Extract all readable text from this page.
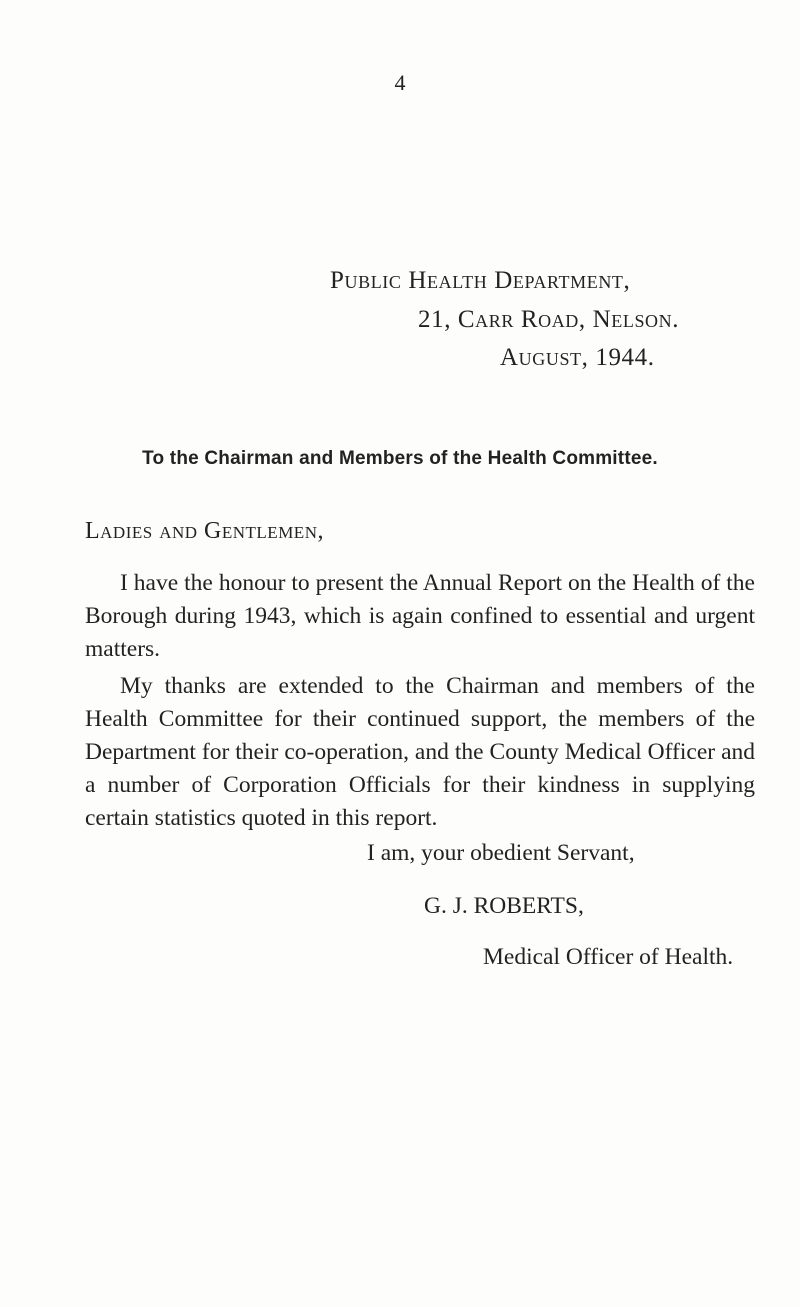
4
Public Health Department,
21, Carr Road, Nelson.
August, 1944.
To the Chairman and Members of the Health Committee.
Ladies and Gentlemen,
I have the honour to present the Annual Report on the Health of the Borough during 1943, which is again confined to essential and urgent matters.
My thanks are extended to the Chairman and members of the Health Committee for their continued support, the members of the Department for their co-operation, and the County Medical Officer and a number of Corporation Officials for their kindness in supplying certain statistics quoted in this report.
I am, your obedient Servant,
G. J. ROBERTS,
Medical Officer of Health.
